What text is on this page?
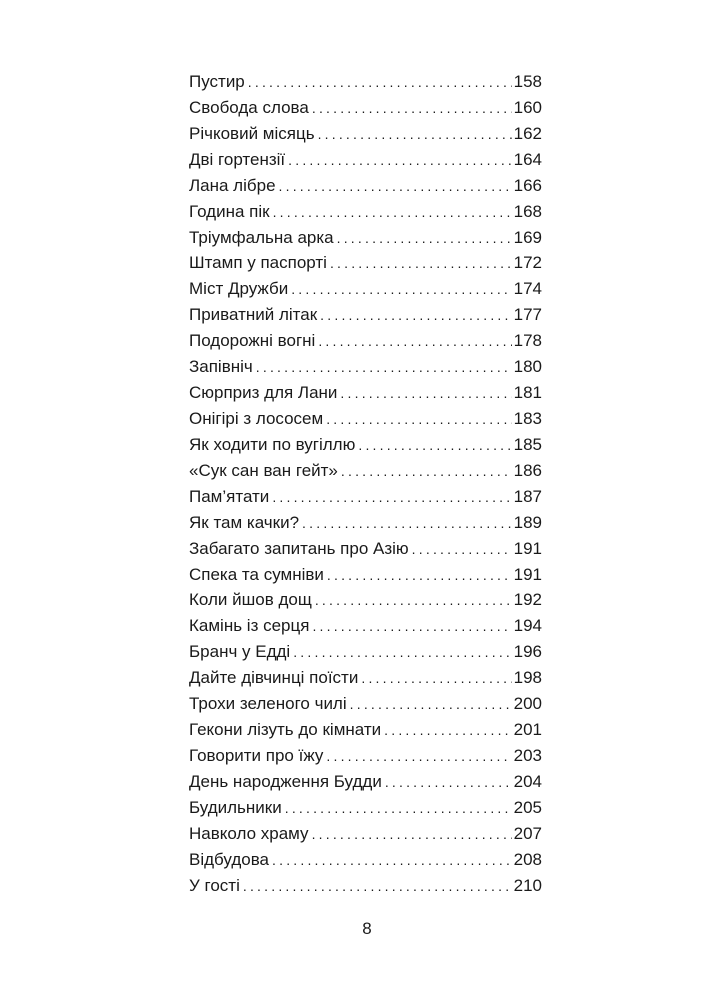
Пустир .....	158
Свобода слова .....	160
Річковий місяць .....	162
Дві гортензії .....	164
Лана лібре .....	166
Година пік .....	168
Тріумфальна арка .....	169
Штамп у паспорті .....	172
Міст Дружби .....	174
Приватний літак .....	177
Подорожні вогні .....	178
Запівніч .....	180
Сюрприз для Лани .....	181
Онігірі з лососем .....	183
Як ходити по вугіллю .....	185
«Сук сан ван гейт» .....	186
Пам’ятати .....	187
Як там качки? .....	189
Забагато запитань про Азію .....	191
Спека та сумніви .....	191
Коли йшов дощ .....	192
Камінь із серця .....	194
Бранч у Едді .....	196
Дайте дівчинці поїсти .....	198
Трохи зеленого чилі .....	200
Гекони лізуть до кімнати .....	201
Говорити про їжу .....	203
День народження Будди .....	204
Будильники .....	205
Навколо храму .....	207
Відбудова .....	208
У гості .....	210
8
